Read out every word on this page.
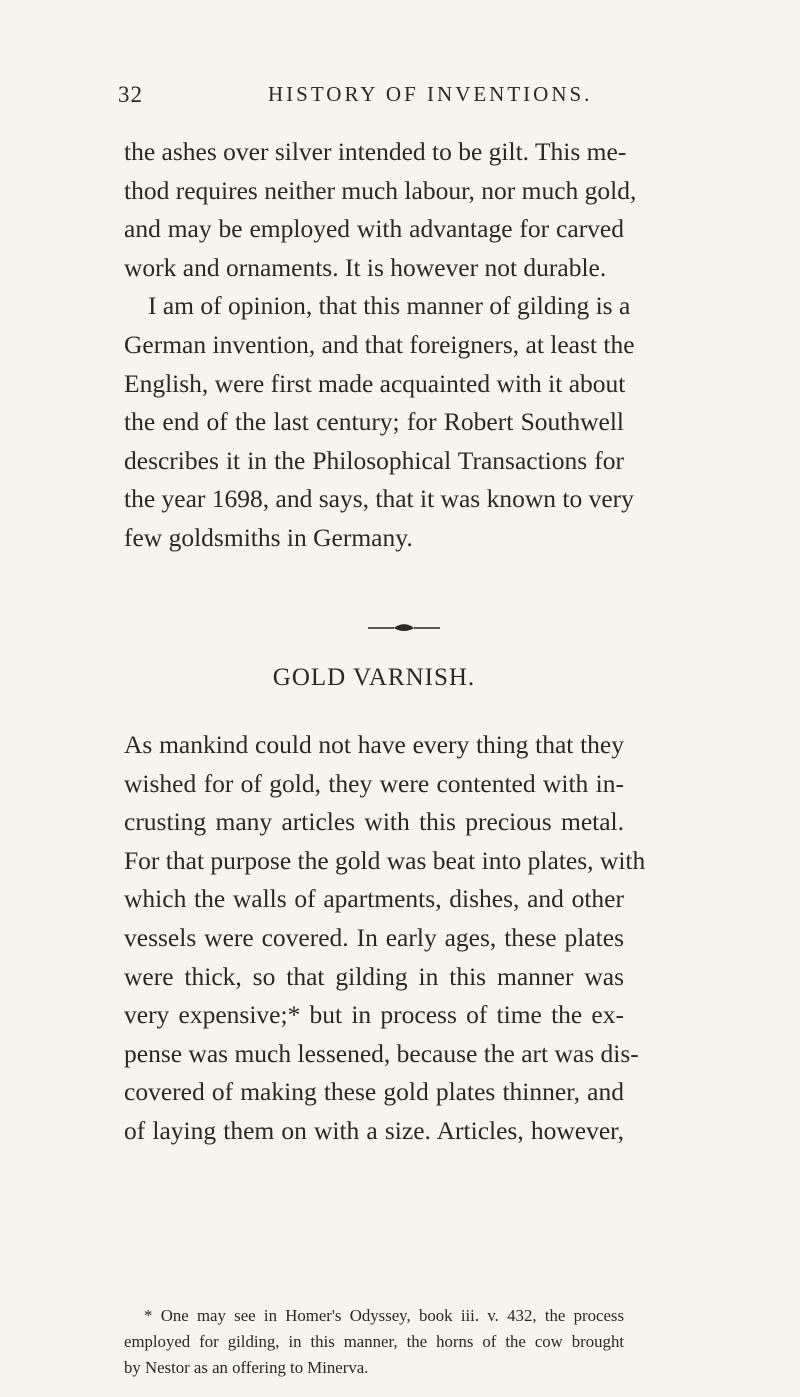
32	HISTORY OF INVENTIONS.
the ashes over silver intended to be gilt. This me-
thod requires neither much labour, nor much gold,
and may be employed with advantage for carved
work and ornaments. It is however not durable.
I am of opinion, that this manner of gilding is a
German invention, and that foreigners, at least the
English, were first made acquainted with it about
the end of the last century; for Robert Southwell
describes it in the Philosophical Transactions for
the year 1698, and says, that it was known to very
few goldsmiths in Germany.
GOLD VARNISH.
As mankind could not have every thing that they
wished for of gold, they were contented with in-
crusting many articles with this precious metal.
For that purpose the gold was beat into plates, with
which the walls of apartments, dishes, and other
vessels were covered. In early ages, these plates
were thick, so that gilding in this manner was
very expensive;* but in process of time the ex-
pense was much lessened, because the art was dis-
covered of making these gold plates thinner, and
of laying them on with a size. Articles, however,
* One may see in Homer's Odyssey, book iii. v. 432, the process
employed for gilding, in this manner, the horns of the cow brought
by Nestor as an offering to Minerva.
